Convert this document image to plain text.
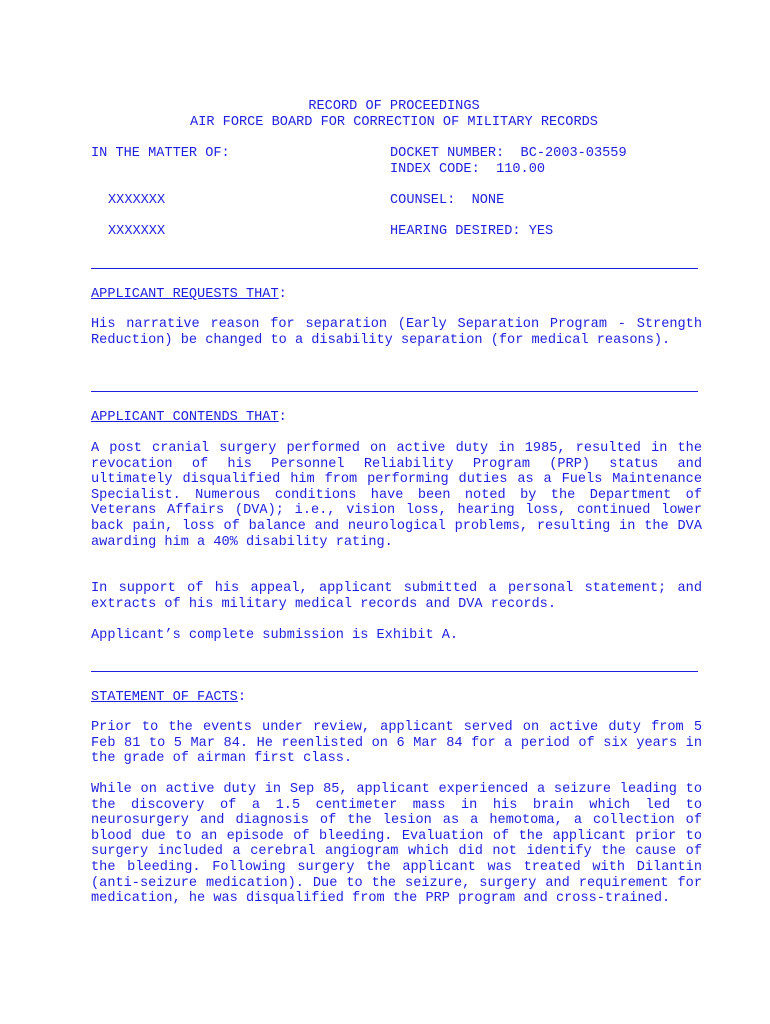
RECORD OF PROCEEDINGS
AIR FORCE BOARD FOR CORRECTION OF MILITARY RECORDS
IN THE MATTER OF:	DOCKET NUMBER: BC-2003-03559
INDEX CODE: 110.00
XXXXXXX	COUNSEL: NONE
XXXXXXX	HEARING DESIRED: YES
APPLICANT REQUESTS THAT:

His narrative reason for separation (Early Separation Program - Strength Reduction) be changed to a disability separation (for medical reasons).

APPLICANT CONTENDS THAT:

A post cranial surgery performed on active duty in 1985, resulted in the revocation of his Personnel Reliability Program (PRP) status and ultimately disqualified him from performing duties as a Fuels Maintenance Specialist. Numerous conditions have been noted by the Department of Veterans Affairs (DVA); i.e., vision loss, hearing loss, continued lower back pain, loss of balance and neurological problems, resulting in the DVA awarding him a 40% disability rating.

In support of his appeal, applicant submitted a personal statement; and extracts of his military medical records and DVA records.

Applicant’s complete submission is Exhibit A.

STATEMENT OF FACTS:

Prior to the events under review, applicant served on active duty from 5 Feb 81 to 5 Mar 84. He reenlisted on 6 Mar 84 for a period of six years in the grade of airman first class.

While on active duty in Sep 85, applicant experienced a seizure leading to the discovery of a 1.5 centimeter mass in his brain which led to neurosurgery and diagnosis of the lesion as a hemotoma, a collection of blood due to an episode of bleeding. Evaluation of the applicant prior to surgery included a cerebral angiogram which did not identify the cause of the bleeding. Following surgery the applicant was treated with Dilantin (anti-seizure medication). Due to the seizure, surgery and requirement for medication, he was disqualified from the PRP program and cross-trained.
